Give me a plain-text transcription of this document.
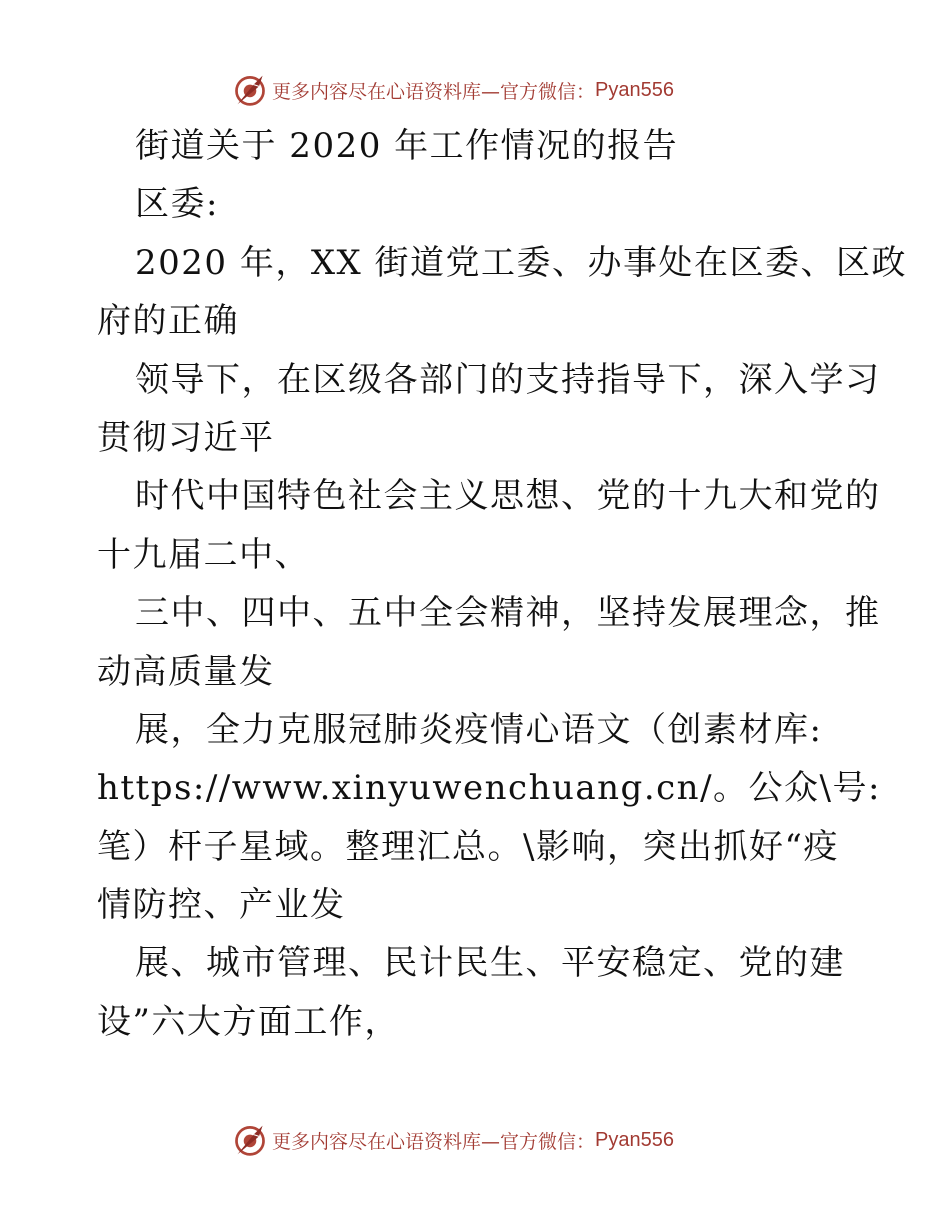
更多内容尽在心语资料库—官方微信： Pyan556
街道关于 2020 年工作情况的报告
区委:
2020 年，XX 街道党工委、办事处在区委、区政
府的正确
领导下，在区级各部门的支持指导下，深入学习
贯彻习近平
时代中国特色社会主义思想、党的十九大和党的
十九届二中、
三中、四中、五中全会精神，坚持发展理念，推
动高质量发
展，全力克服冠肺炎疫情心语文（创素材库:
https://www.xinyuwenchuang.cn/。公众\号:
笔）杆子星域。整理汇总。\影响，突出抓好“疫
情防控、产业发
展、城市管理、民计民生、平安稳定、党的建
设”六大方面工作，
更多内容尽在心语资料库—官方微信： Pyan556
